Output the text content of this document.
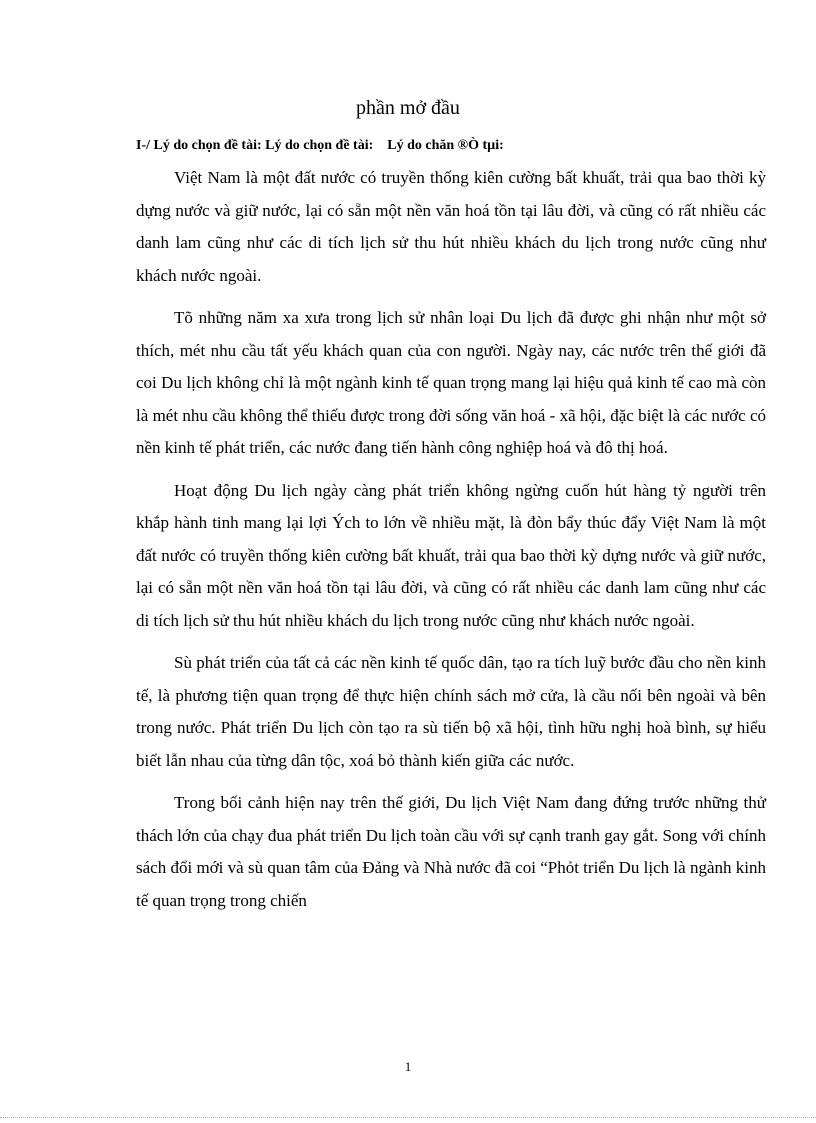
phần mở đầu

I-/ Lý do chọn đề tài: Lý do chọn đề tài:    Lý do chăn ®Ò tµi:

Việt Nam là một đất nước có truyền thống kiên cường bất khuất, trải qua bao thời kỳ dựng nước và giữ nước, lại có sẵn một nền văn hoá tồn tại lâu đời, và cũng có rất nhiều các danh lam cũng như các di tích lịch sử thu hút nhiều khách du lịch trong nước cũng như khách nước ngoài.

Tõ những năm xa xưa trong lịch sử nhân loại Du lịch đã được ghi nhận như một sở thích, mét nhu cầu tất yếu khách quan của con người. Ngày nay, các nước trên thế giới đã coi Du lịch không chỉ là một ngành kinh tế quan trọng mang lại hiệu quả kinh tế cao mà còn là mét nhu cầu không thể thiếu được trong đời sống văn hoá - xã hội, đặc biệt là các nước có nền kinh tế phát triển, các nước đang tiến hành công nghiệp hoá và đô thị hoá.

Hoạt động Du lịch ngày càng phát triển không ngừng cuốn hút hàng tỷ người trên khắp hành tinh mang lại lợi Ých to lớn về nhiều mặt, là đòn bẩy thúc đẩy Việt Nam là một đất nước có truyền thống kiên cường bất khuất, trải qua bao thời kỳ dựng nước và giữ nước, lại có sẵn một nền văn hoá tồn tại lâu đời, và cũng có rất nhiều các danh lam cũng như các di tích lịch sử thu hút nhiều khách du lịch trong nước cũng như khách nước ngoài.

Sù phát triển của tất cả các nền kinh tế quốc dân, tạo ra tích luỹ bước đầu cho nền kinh tế, là phương tiện quan trọng để thực hiện chính sách mở cửa, là cầu nối bên ngoài và bên trong nước. Phát triển Du lịch còn tạo ra sù tiến bộ xã hội, tình hữu nghị hoà bình, sự hiểu biết lẫn nhau của từng dân tộc, xoá bỏ thành kiến giữa các nước.

Trong bối cảnh hiện nay trên thế giới, Du lịch Việt Nam đang đứng trước những thử thách lớn của chạy đua phát triển Du lịch toàn cầu với sự cạnh tranh gay gắt. Song với chính sách đổi mới và sù quan tâm của Đảng và Nhà nước đã coi “Phỏt triển Du lịch là ngành kinh tế quan trọng trong chiến

1
